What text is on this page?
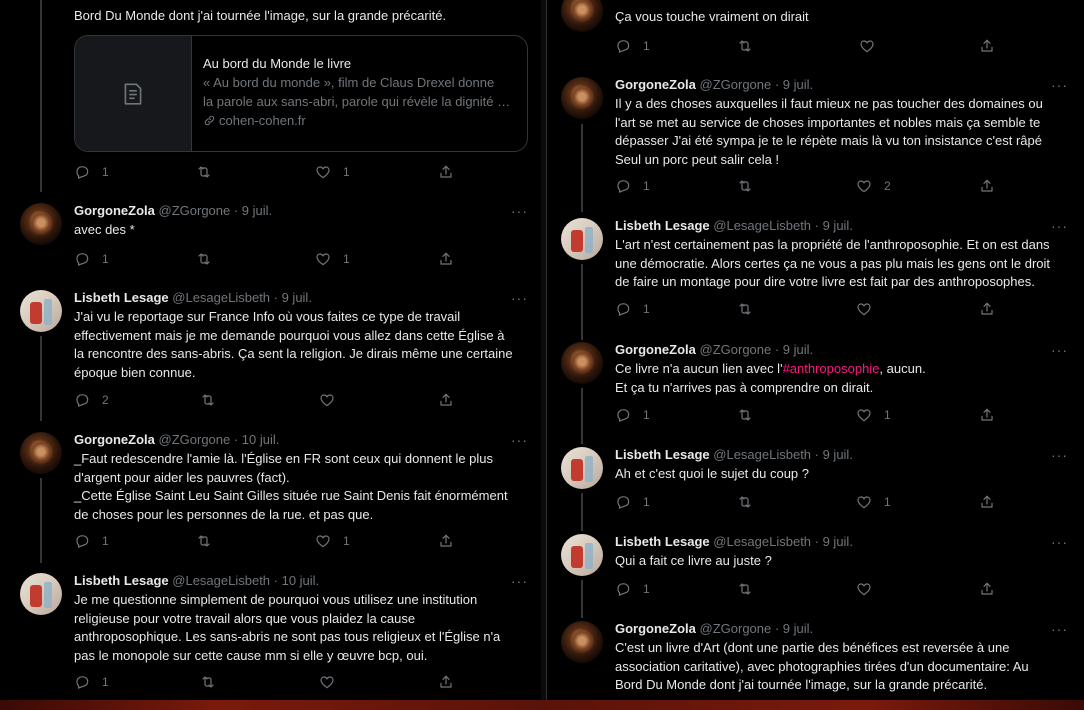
Bord Du Monde dont j'ai tournée l'image, sur la grande précarité.
Au bord du Monde le livre
« Au bord du monde », film de Claus Drexel donne
la parole aux sans-abri, parole qui révèle la dignité …
cohen-cohen.fr
1	1
GorgoneZola @ZGorgone · 9 juil.	···
avec des *
1	1
Lisbeth Lesage @LesageLisbeth · 9 juil.	···
J'ai vu le reportage sur France Info où vous faites ce type de travail
effectivement mais je me demande pourquoi vous allez dans cette Église à
la rencontre des sans-abris. Ça sent la religion. Je dirais même une certaine
époque bien connue.
2
GorgoneZola @ZGorgone · 10 juil.	···
_Faut redescendre l'amie là. l'Église en FR sont ceux qui donnent le plus
d'argent pour aider les pauvres (fact).
_Cette Église Saint Leu Saint Gilles située rue Saint Denis fait énormément
de choses pour les personnes de la rue. et pas que.
1	1
Lisbeth Lesage @LesageLisbeth · 10 juil.	···
Je me questionne simplement de pourquoi vous utilisez une institution
religieuse pour votre travail alors que vous plaidez la cause
anthroposophique. Les sans-abris ne sont pas tous religieux et l'Église n'a
pas le monopole sur cette cause mm si elle y œuvre bcp, oui.
1
Ça vous touche vraiment on dirait
1
GorgoneZola @ZGorgone · 9 juil.	···
Il y a des choses auxquelles il faut mieux ne pas toucher des domaines ou
l'art se met au service de choses importantes et nobles mais ça semble te
dépasser J'ai été sympa je te le répète mais là vu ton insistance c'est râpé
Seul un porc peut salir cela !
1	2
Lisbeth Lesage @LesageLisbeth · 9 juil.	···
L'art n'est certainement pas la propriété de l'anthroposophie. Et on est dans
une démocratie. Alors certes ça ne vous a pas plu mais les gens ont le droit
de faire un montage pour dire votre livre est fait par des anthroposophes.
1
GorgoneZola @ZGorgone · 9 juil.	···
Ce livre n'a aucun lien avec l'#anthroposophie, aucun.
Et ça tu n'arrives pas à comprendre on dirait.
1	1
Lisbeth Lesage @LesageLisbeth · 9 juil.	···
Ah et c'est quoi le sujet du coup ?
1	1
Lisbeth Lesage @LesageLisbeth · 9 juil.	···
Qui a fait ce livre au juste ?
1
GorgoneZola @ZGorgone · 9 juil.	···
C'est un livre d'Art (dont une partie des bénéfices est reversée à une
association caritative), avec photographies tirées d'un documentaire: Au
Bord Du Monde dont j'ai tournée l'image, sur la grande précarité.
